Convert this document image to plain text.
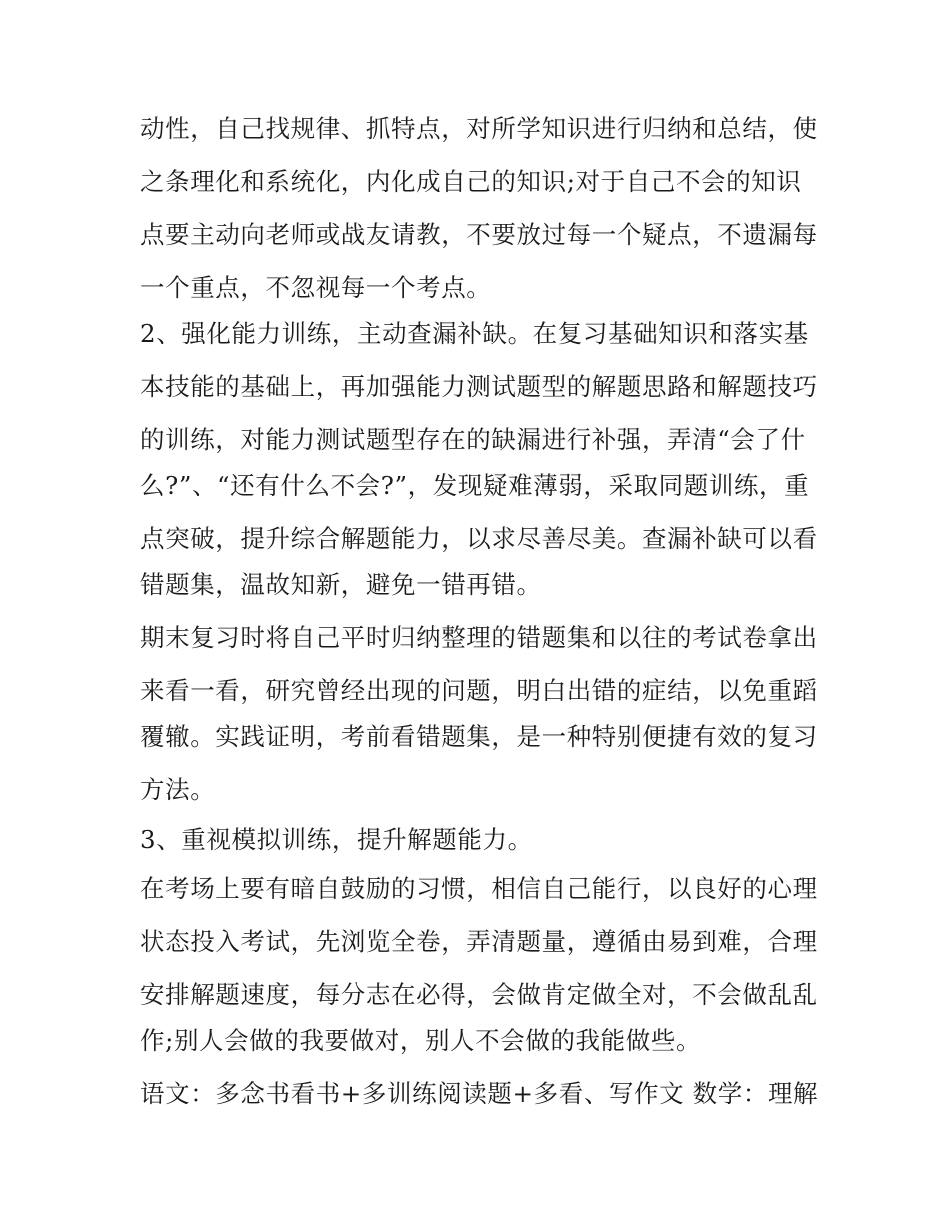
动性，自己找规律、抓特点，对所学知识进行归纳和总结，使
之条理化和系统化，内化成自己的知识;对于自己不会的知识
点要主动向老师或战友请教，不要放过每一个疑点，不遗漏每
一个重点，不忽视每一个考点。
2、强化能力训练，主动查漏补缺。在复习基础知识和落实基
本技能的基础上，再加强能力测试题型的解题思路和解题技巧
的训练，对能力测试题型存在的缺漏进行补强，弄清“会了什
么?”、“还有什么不会?”，发现疑难薄弱，采取同题训练，重
点突破，提升综合解题能力，以求尽善尽美。查漏补缺可以看
错题集，温故知新，避免一错再错。
期末复习时将自己平时归纳整理的错题集和以往的考试卷拿出
来看一看，研究曾经出现的问题，明白出错的症结，以免重蹈
覆辙。实践证明，考前看错题集，是一种特别便捷有效的复习
方法。
3、重视模拟训练，提升解题能力。
在考场上要有暗自鼓励的习惯，相信自己能行，以良好的心理
状态投入考试，先浏览全卷，弄清题量，遵循由易到难，合理
安排解题速度，每分志在必得，会做肯定做全对，不会做乱乱
作;别人会做的我要做对，别人不会做的我能做些。
语文：多念书看书+多训练阅读题+多看、写作文 数学：理解
